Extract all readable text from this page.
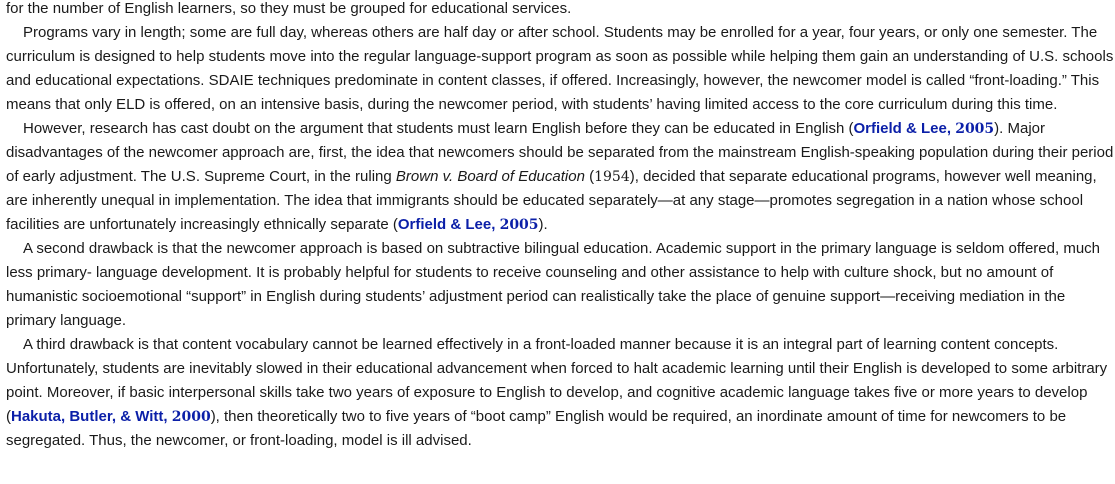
for the number of English learners, so they must be grouped for educational services.

Programs vary in length; some are full day, whereas others are half day or after school. Students may be enrolled for a year, four years, or only one semester. The curriculum is designed to help students move into the regular language-support program as soon as possible while helping them gain an understanding of U.S. schools and educational expectations. SDAIE techniques predominate in content classes, if offered. Increasingly, however, the newcomer model is called “front-loading.” This means that only ELD is offered, on an intensive basis, during the newcomer period, with students’ having limited access to the core curriculum during this time.

However, research has cast doubt on the argument that students must learn English before they can be educated in English (Orfield & Lee, 2005). Major disadvantages of the newcomer approach are, first, the idea that newcomers should be separated from the mainstream English-speaking population during their period of early adjustment. The U.S. Supreme Court, in the ruling Brown v. Board of Education (1954), decided that separate educational programs, however well meaning, are inherently unequal in implementation. The idea that immigrants should be educated separately—at any stage—promotes segregation in a nation whose school facilities are unfortunately increasingly ethnically separate (Orfield & Lee, 2005).

A second drawback is that the newcomer approach is based on subtractive bilingual education. Academic support in the primary language is seldom offered, much less primary- language development. It is probably helpful for students to receive counseling and other assistance to help with culture shock, but no amount of humanistic socioemotional “support” in English during students’ adjustment period can realistically take the place of genuine support—receiving mediation in the primary language.

A third drawback is that content vocabulary cannot be learned effectively in a front-loaded manner because it is an integral part of learning content concepts. Unfortunately, students are inevitably slowed in their educational advancement when forced to halt academic learning until their English is developed to some arbitrary point. Moreover, if basic interpersonal skills take two years of exposure to English to develop, and cognitive academic language takes five or more years to develop (Hakuta, Butler, & Witt, 2000), then theoretically two to five years of “boot camp” English would be required, an inordinate amount of time for newcomers to be segregated. Thus, the newcomer, or front-loading, model is ill advised.
